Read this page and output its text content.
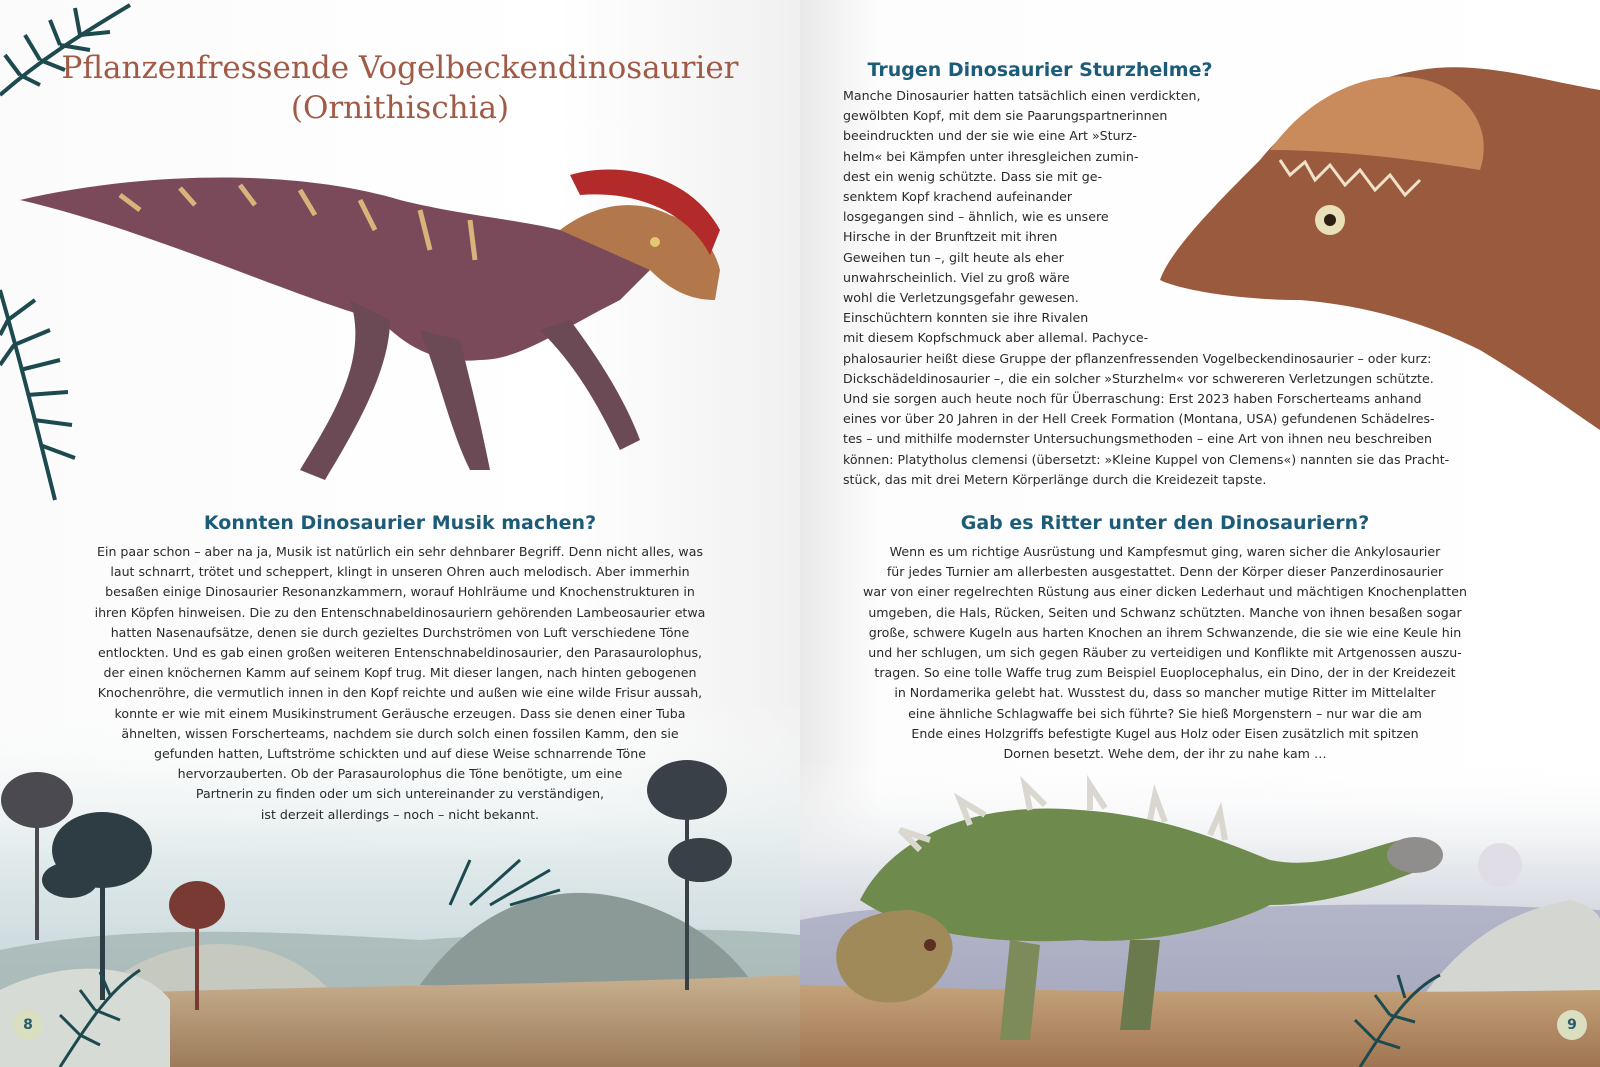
Pflanzenfressende Vogelbeckendinosaurier
(Ornithischia)
Konnten Dinosaurier Musik machen?
Ein paar schon – aber na ja, Musik ist natürlich ein sehr dehnbarer Begriff. Denn nicht alles, was
laut schnarrt, trötet und scheppert, klingt in unseren Ohren auch melodisch. Aber immerhin
besaßen einige Dinosaurier Resonanzkammern, worauf Hohlräume und Knochenstrukturen in
ihren Köpfen hinweisen. Die zu den Entenschnabeldinosauriern gehörenden Lambeosaurier etwa
hatten Nasenaufsätze, denen sie durch gezieltes Durchströmen von Luft verschiedene Töne
entlockten. Und es gab einen großen weiteren Entenschnabeldinosaurier, den Parasaurolophus,
der einen knöchernen Kamm auf seinem Kopf trug. Mit dieser langen, nach hinten gebogenen
Knochenröhre, die vermutlich innen in den Kopf reichte und außen wie eine wilde Frisur aussah,
konnte er wie mit einem Musikinstrument Geräusche erzeugen. Dass sie denen einer Tuba
ähnelten, wissen Forscherteams, nachdem sie durch solch einen fossilen Kamm, den sie
gefunden hatten, Luftströme schickten und auf diese Weise schnarrende Töne
hervorzauberten. Ob der Parasaurolophus die Töne benötigte, um eine
Partnerin zu finden oder um sich untereinander zu verständigen,
ist derzeit allerdings – noch – nicht bekannt.
8
Trugen Dinosaurier Sturzhelme?
Manche Dinosaurier hatten tatsächlich einen verdickten,
gewölbten Kopf, mit dem sie Paarungspartnerinnen
beeindruckten und der sie wie eine Art »Sturz-
helm« bei Kämpfen unter ihresgleichen zumin-
dest ein wenig schützte. Dass sie mit ge-
senktem Kopf krachend aufeinander
losgegangen sind – ähnlich, wie es unsere
Hirsche in der Brunftzeit mit ihren
Geweihen tun –, gilt heute als eher
unwahrscheinlich. Viel zu groß wäre
wohl die Verletzungsgefahr gewesen.
Einschüchtern konnten sie ihre Rivalen
mit diesem Kopfschmuck aber allemal. Pachyce-
phalosaurier heißt diese Gruppe der pflanzenfressenden Vogelbeckendinosaurier – oder kurz:
Dickschädeldinosaurier –, die ein solcher »Sturzhelm« vor schwereren Verletzungen schützte.
Und sie sorgen auch heute noch für Überraschung: Erst 2023 haben Forscherteams anhand
eines vor über 20 Jahren in der Hell Creek Formation (Montana, USA) gefundenen Schädelres-
tes – und mithilfe modernster Untersuchungsmethoden – eine Art von ihnen neu beschreiben
können: Platytholus clemensi (übersetzt: »Kleine Kuppel von Clemens«) nannten sie das Pracht-
stück, das mit drei Metern Körperlänge durch die Kreidezeit tapste.
Gab es Ritter unter den Dinosauriern?
Wenn es um richtige Ausrüstung und Kampfesmut ging, waren sicher die Ankylosaurier
für jedes Turnier am allerbesten ausgestattet. Denn der Körper dieser Panzerdinosaurier
war von einer regelrechten Rüstung aus einer dicken Lederhaut und mächtigen Knochenplatten
umgeben, die Hals, Rücken, Seiten und Schwanz schützten. Manche von ihnen besaßen sogar
große, schwere Kugeln aus harten Knochen an ihrem Schwanzende, die sie wie eine Keule hin
und her schlugen, um sich gegen Räuber zu verteidigen und Konflikte mit Artgenossen auszu-
tragen. So eine tolle Waffe trug zum Beispiel Euoplocephalus, ein Dino, der in der Kreidezeit
in Nordamerika gelebt hat. Wusstest du, dass so mancher mutige Ritter im Mittelalter
eine ähnliche Schlagwaffe bei sich führte? Sie hieß Morgenstern – nur war die am
Ende eines Holzgriffs befestigte Kugel aus Holz oder Eisen zusätzlich mit spitzen
Dornen besetzt. Wehe dem, der ihr zu nahe kam …
9
